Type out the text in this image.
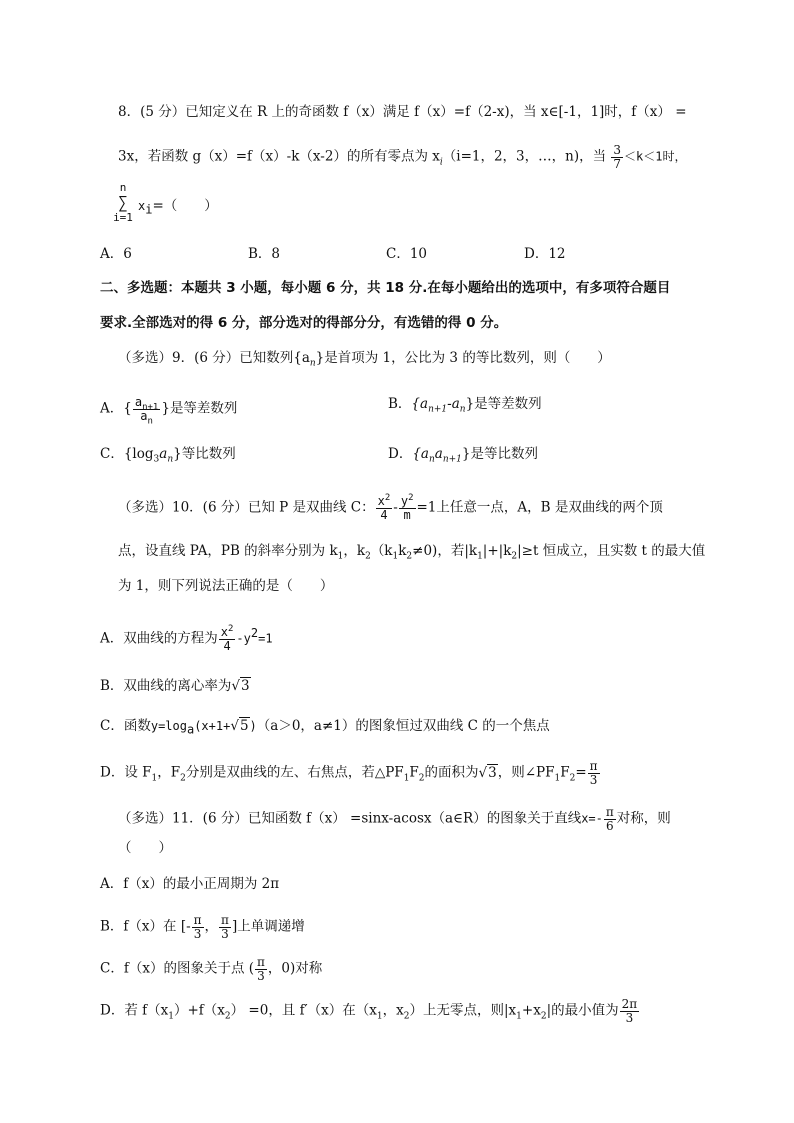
8．(5 分）已知定义在 R 上的奇函数 f（x）满足 f（x）=f（2-x)，当 x∈[-1，1]时，f（x） =
3x，若函数 g（x）=f（x）-k（x-2）的所有零点为 $x_i(i=1$，2，3，…，n)，当 $\frac{3}{7} <k<1$时，
n
∑
i=1
$x_i=$（　　）
A．6	B．8	C．10	D．12
二、多选题：本题共 3 小题，每小题 6 分，共 18 分.在每小题给出的选项中，有多项符合题目
要求.全部选对的得 6 分，部分选对的得部分分，有选错的得 0 分。
（多选）9．(6 分）已知数列$\{a_n\}$是首项为 1，公比为 3 的等比数列，则（　　）
A．{ $\frac{a_{n+1}}{a_n}$ }是等差数列	B．$\{a_{n+1}-a_n\}$是等差数列
C．$\{\log_3a_n\}$等比数列	D．$\{a_na_{n+1}\}$是等比数列
（多选）10．(6 分）已知 P 是双曲线 C： $\frac{x^2}{4} - \frac{y^2}{m} =1$上任意一点，A，B 是双曲线的两个顶
点，设直线 PA，PB 的斜率分别为 $k_1$，$k_2(k_1k_2\ne 0)$，若$|k_1|+|k_2|\ge t$ 恒成立，且实数 t 的最大值
为 1，则下列说法正确的是（　　）
A．双曲线的方程为 $\frac{x^2}{4} -y^2=1$
B．双曲线的离心率为√3
C．函数$y=\log_a(x+1+√5)(a>0$，a≠1）的图象恒过双曲线 C 的一个焦点
D．设 $F_1$，$F_2$分别是双曲线的左、右焦点，若$\triangle PF_1F_2$的面积为√3，则$\angle PF_1F_2= \frac{\pi}{3}$
（多选）11．(6 分）已知函数 f（x） =sinx-acosx（a∈R）的图象关于直线$x=- \frac{\pi}{6}$ 对称，则
（　　）
A．f（x）的最小正周期为 2π
B．f（x）在 [- $\frac{\pi}{3}$ ， $\frac{\pi}{3}$ ]上单调递增
C．f（x）的图象关于点 ( $\frac{\pi}{3}$ ，0)对称
D．若 $f(x_1)+f(x_2) =0$，且 f′（x）在（$x_1$，$x_2$）上无零点，则$|x_1+x_2|$的最小值为 $\frac{2\pi}{3}$
